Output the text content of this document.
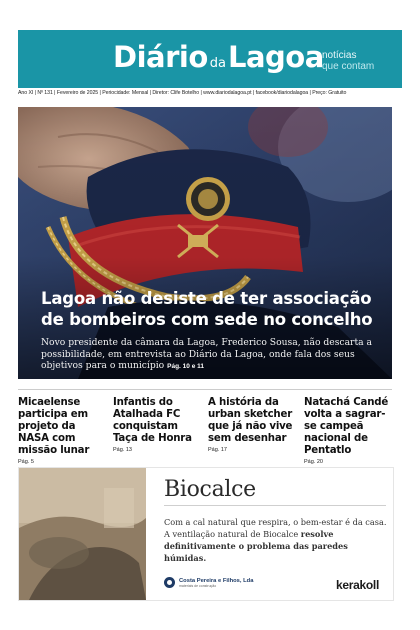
Diário daLagoa
notícias
que contam
Ano XI | Nº 131 | Fevereiro de 2025 | Periocidade: Mensal | Diretor: Clife Botelho | www.diariodalagoa.pt | facebook/diariodalagoa | Preço: Gratuito
Lagoa não desiste de ter associação de bombeiros com sede no concelho
Novo presidente da câmara da Lagoa, Frederico Sousa, não descarta a possibilidade, em entrevista ao Diário da Lagoa, onde fala dos seus objetivos para o município Pág. 10 e 11
Micaelense participa em projeto da NASA com missão lunar
Pág. 5
Infantis do Atalhada FC conquistam Taça de Honra
Pág. 13
A história da urban sketcher que já não vive sem desenhar
Pág. 17
Natachá Candé volta a sagrar-se campeã nacional de Pentatlo
Pág. 20
Biocalce
Com a cal natural que respira, o bem-estar é da casa. A ventilação natural de Biocalce resolve definitivamente o problema das paredes húmidas.
Costa Pereira e Filhos, Lda
materiais de construção	kerakoll
